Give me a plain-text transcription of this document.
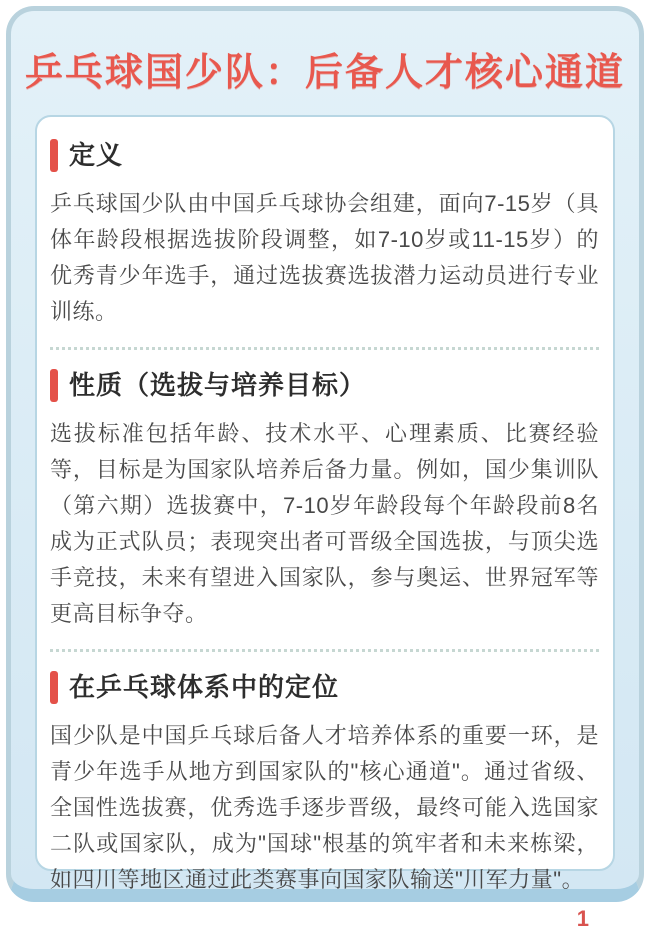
乒乓球国少队：后备人才核心通道
定义
乒乓球国少队由中国乒乓球协会组建，面向7-15岁（具体年龄段根据选拔阶段调整，如7-10岁或11-15岁）的优秀青少年选手，通过选拔赛选拔潜力运动员进行专业训练。
性质（选拔与培养目标）
选拔标准包括年龄、技术水平、心理素质、比赛经验等，目标是为国家队培养后备力量。例如，国少集训队（第六期）选拔赛中，7-10岁年龄段每个年龄段前8名成为正式队员；表现突出者可晋级全国选拔，与顶尖选手竞技，未来有望进入国家队，参与奥运、世界冠军等更高目标争夺。
在乒乓球体系中的定位
国少队是中国乒乓球后备人才培养体系的重要一环，是青少年选手从地方到国家队的"核心通道"。通过省级、全国性选拔赛，优秀选手逐步晋级，最终可能入选国家二队或国家队，成为"国球"根基的筑牢者和未来栋梁，如四川等地区通过此类赛事向国家队输送"川军力量"。
1
